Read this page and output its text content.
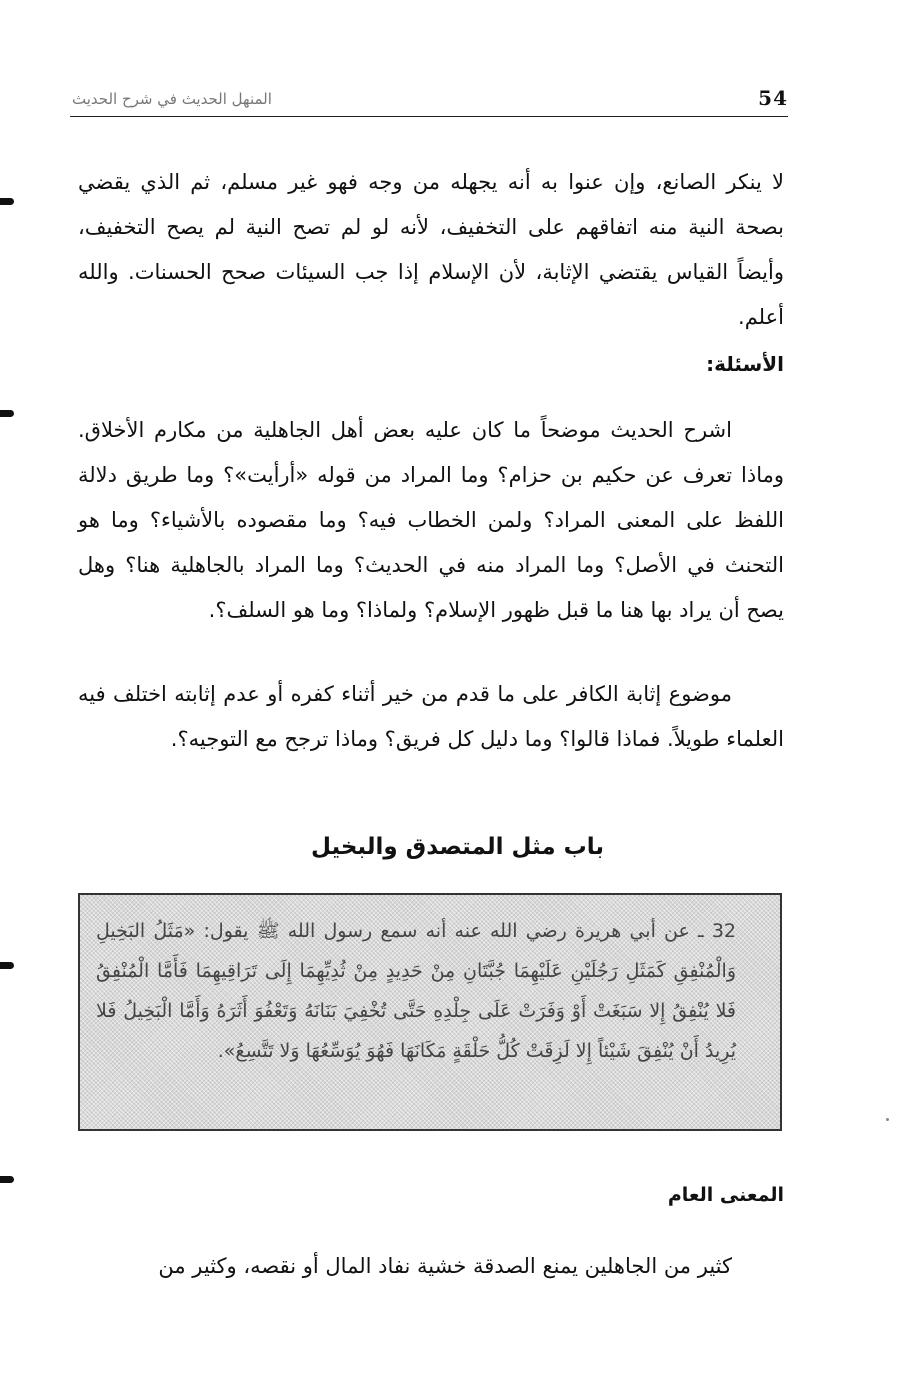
54
المنهل الحديث في شرح الحديث

لا ينكر الصانع، وإن عنوا به أنه يجهله من وجه فهو غير مسلم، ثم الذي يقضي بصحة النية منه اتفاقهم على التخفيف، لأنه لو لم تصح النية لم يصح التخفيف، وأيضاً القياس يقتضي الإثابة، لأن الإسلام إذا جب السيئات صحح الحسنات. والله أعلم.

الأسئلة:

اشرح الحديث موضحاً ما كان عليه بعض أهل الجاهلية من مكارم الأخلاق. وماذا تعرف عن حكيم بن حزام؟ وما المراد من قوله «أرأيت»؟ وما طريق دلالة اللفظ على المعنى المراد؟ ولمن الخطاب فيه؟ وما مقصوده بالأشياء؟ وما هو التحنث في الأصل؟ وما المراد منه في الحديث؟ وما المراد بالجاهلية هنا؟ وهل يصح أن يراد بها هنا ما قبل ظهور الإسلام؟ ولماذا؟ وما هو السلف؟.

موضوع إثابة الكافر على ما قدم من خير أثناء كفره أو عدم إثابته اختلف فيه العلماء طويلاً. فماذا قالوا؟ وما دليل كل فريق؟ وماذا ترجح مع التوجيه؟.

باب مثل المتصدق والبخيل

32 ـ عن أبي هريرة رضي الله عنه أنه سمع رسول الله ﷺ يقول: «مَثَلُ البَخِيلِ وَالْمُنْفِقِ كَمَثَلِ رَجُلَيْنِ عَلَيْهِمَا جُبَّتَانِ مِنْ حَدِيدٍ مِنْ ثُدِيِّهِمَا إِلَى تَرَاقِيهِمَا فَأَمَّا الْمُنْفِقُ فَلا يُنْفِقُ إِلا سَبَغَتْ أَوْ وَفَرَتْ عَلَى جِلْدِهِ حَتَّى تُخْفِيَ بَنَانَهُ وَتَعْفُوَ أَثَرَهُ وَأَمَّا الْبَخِيلُ فَلا يُرِيدُ أَنْ يُنْفِقَ شَيْئاً إِلا لَزِقَتْ كُلُّ حَلْقَةٍ مَكَانَهَا فَهُوَ يُوَسِّعُهَا وَلا تَتَّسِعُ».

المعنى العام

كثير من الجاهلين يمنع الصدقة خشية نفاد المال أو نقصه، وكثير من
